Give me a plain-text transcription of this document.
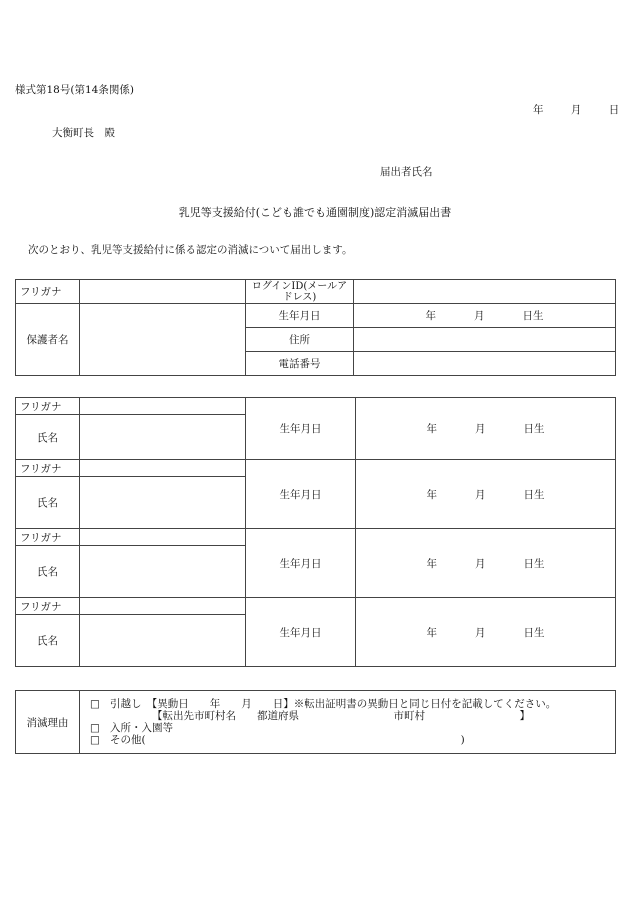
様式第18号(第14条関係)
年	月	日
大衡町長　殿
届出者氏名
乳児等支援給付(こども誰でも通園制度)認定消滅届出書
次のとおり、乳児等支援給付に係る認定の消滅について届出します。
フリガナ		ログインID(メールアドレス)	
保護者名		生年月日	年 月 日生
		住所	
		電話番号	
フリガナ		生年月日	年 月 日生
氏名			
フリガナ		生年月日	年 月 日生
氏名			
フリガナ		生年月日	年 月 日生
氏名			
フリガナ		生年月日	年 月 日生
氏名			
消滅理由	
□ 引越し　【異動日　　年　　月　　日】※転出証明書の異動日と同じ日付を記載してください。
【転出先市町村名　　都道府県　　　　　　　　　市町村　　　　　　　　　】
□ 入所・入園等
□ その他(　　　　　　　　　　　　　　　　　　　　　　　　　　　　　　)
